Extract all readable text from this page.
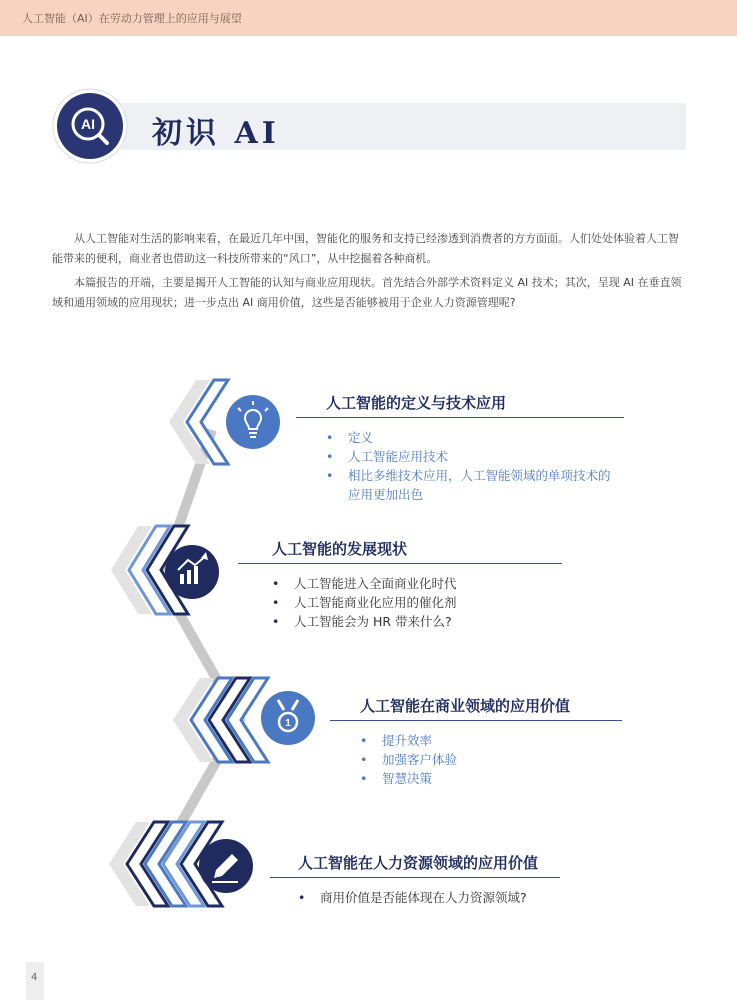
人工智能（AI）在劳动力管理上的应用与展望
AI 初识 AI

从人工智能对生活的影响来看，在最近几年中国，智能化的服务和支持已经渗透到消费者的方方面面。人们处处体验着人工智能带来的便利，商业者也借助这一科技所带来的“风口”，从中挖掘着各种商机。

本篇报告的开端，主要是揭开人工智能的认知与商业应用现状。首先结合外部学术资料定义 AI 技术；其次，呈现 AI 在垂直领域和通用领域的应用现状；进一步点出 AI 商用价值，这些是否能够被用于企业人力资源管理呢?

1
人工智能的定义与技术应用
• 定义
• 人工智能应用技术
• 相比多维技术应用，人工智能领域的单项技术的
应用更加出色
人工智能的发展现状
• 人工智能进入全面商业化时代
• 人工智能商业化应用的催化剂
• 人工智能会为 HR 带来什么?
人工智能在商业领域的应用价值
• 提升效率
• 加强客户体验
• 智慧决策
人工智能在人力资源领域的应用价值
• 商用价值是否能体现在人力资源领域?
4
